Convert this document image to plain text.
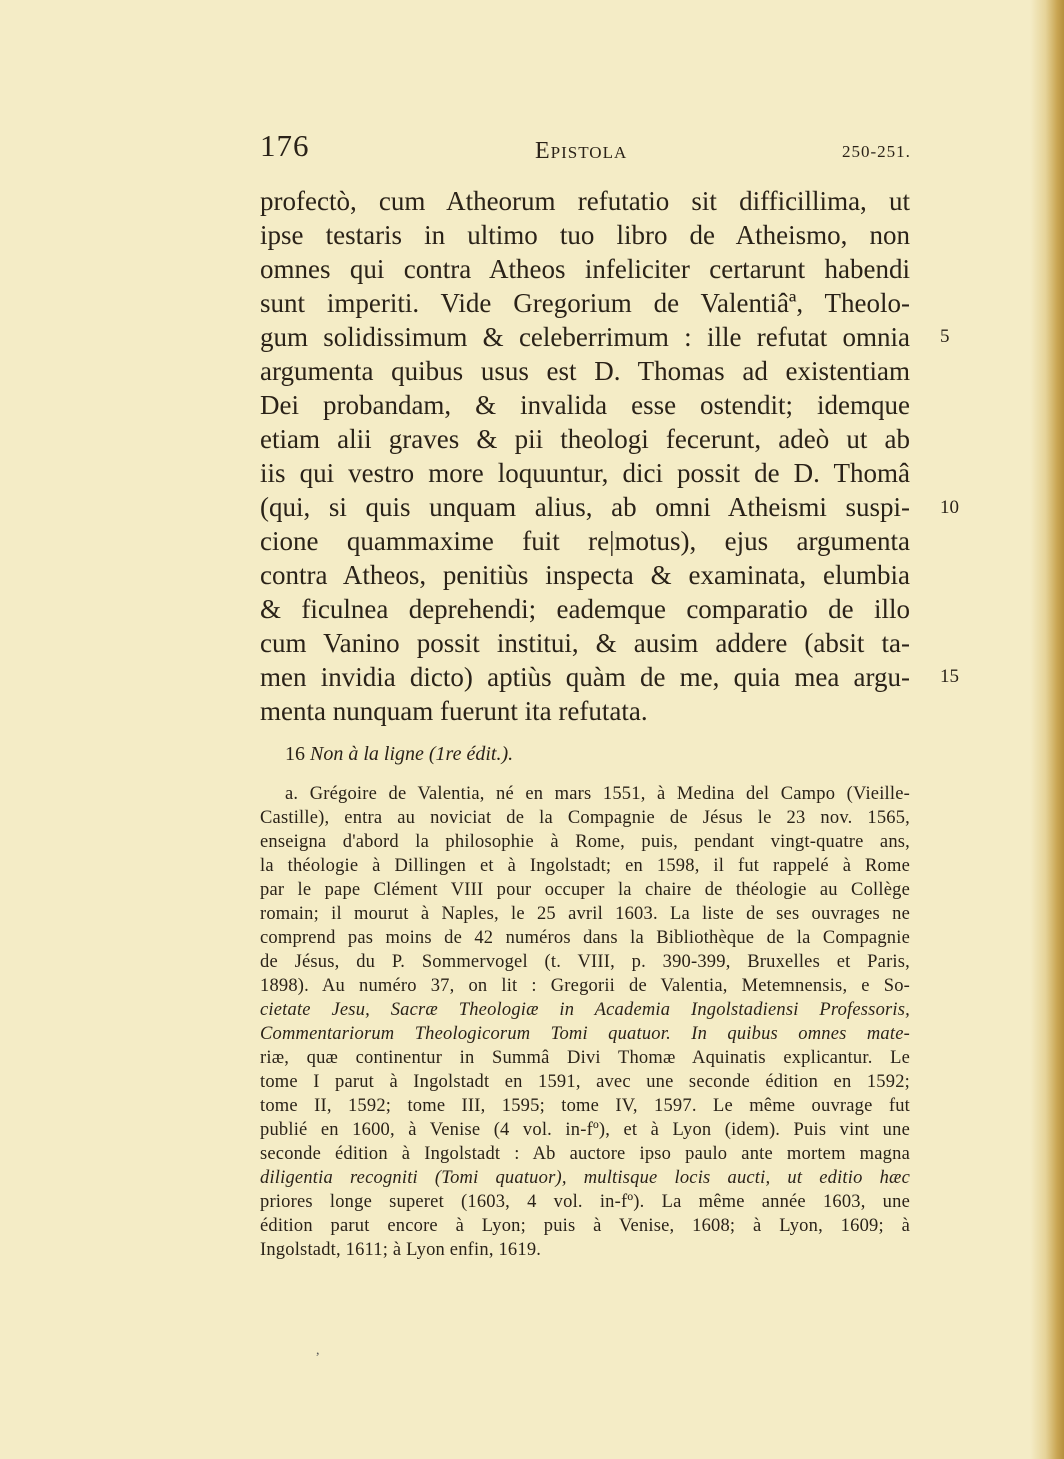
176	Epistola	250-251.
profectò, cum Atheorum refutatio sit difficillima, ut
ipse testaris in ultimo tuo libro de Atheismo, non
omnes qui contra Atheos infeliciter certarunt habendi
sunt imperiti. Vide Gregorium de Valentiâª, Theolo-
gum solidissimum & celeberrimum : ille refutat omnia
argumenta quibus usus est D. Thomas ad existentiam
Dei probandam, & invalida esse ostendit; idemque
etiam alii graves & pii theologi fecerunt, adeò ut ab
iis qui vestro more loquuntur, dici possit de D. Thomâ
(qui, si quis unquam alius, ab omni Atheismi suspi-
cione quammaxime fuit re|motus), ejus argumenta
contra Atheos, penitiùs inspecta & examinata, elumbia
& ficulnea deprehendi; eademque comparatio de illo
cum Vanino possit institui, & ausim addere (absit ta-
men invidia dicto) aptiùs quàm de me, quia mea argu-
menta nunquam fuerunt ita refutata.
5
10
15
16 Non à la ligne (1re édit.).
a. Grégoire de Valentia, né en mars 1551, à Medina del Campo (Vieille-
Castille), entra au noviciat de la Compagnie de Jésus le 23 nov. 1565,
enseigna d'abord la philosophie à Rome, puis, pendant vingt-quatre ans,
la théologie à Dillingen et à Ingolstadt; en 1598, il fut rappelé à Rome
par le pape Clément VIII pour occuper la chaire de théologie au Collège
romain; il mourut à Naples, le 25 avril 1603. La liste de ses ouvrages ne
comprend pas moins de 42 numéros dans la Bibliothèque de la Compagnie
de Jésus, du P. Sommervogel (t. VIII, p. 390-399, Bruxelles et Paris,
1898). Au numéro 37, on lit : Gregorii de Valentia, Metemnensis, e So-
cietate Jesu, Sacræ Theologiæ in Academia Ingolstadiensi Professoris,
Commentariorum Theologicorum Tomi quatuor. In quibus omnes mate-
riæ, quæ continentur in Summâ Divi Thomæ Aquinatis explicantur. Le
tome I parut à Ingolstadt en 1591, avec une seconde édition en 1592;
tome II, 1592; tome III, 1595; tome IV, 1597. Le même ouvrage fut
publié en 1600, à Venise (4 vol. in-fº), et à Lyon (idem). Puis vint une
seconde édition à Ingolstadt : Ab auctore ipso paulo ante mortem magna
diligentia recogniti (Tomi quatuor), multisque locis aucti, ut editio hæc
priores longe superet (1603, 4 vol. in-fº). La même année 1603, une
édition parut encore à Lyon; puis à Venise, 1608; à Lyon, 1609; à
Ingolstadt, 1611; à Lyon enfin, 1619.
,
